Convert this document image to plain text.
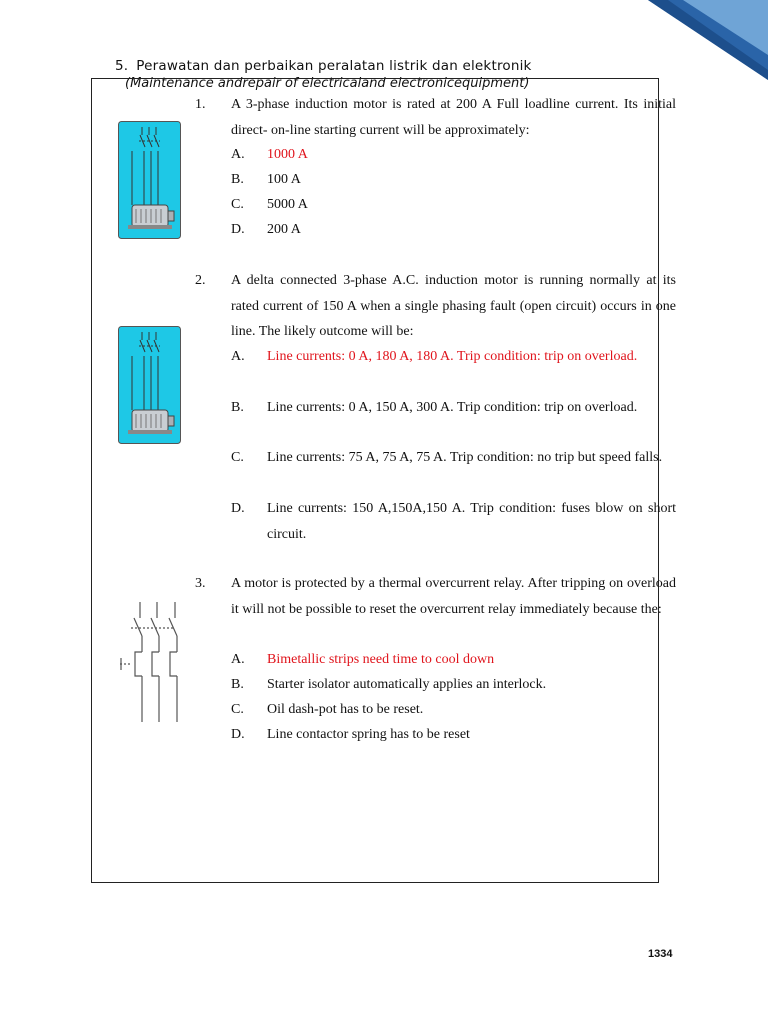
5. Perawatan dan perbaikan peralatan listrik dan elektronik
(Maintenance andrepair of electricaland electronicequipment)
1. A 3-phase induction motor is rated at 200 A Full loadline current. Its initial direct- on-line starting current will be approximately:
A. 1000 A
B. 100 A
C. 5000 A
D. 200 A
2. A delta connected 3-phase A.C. induction motor is running normally at its rated current of 150 A when a single phasing fault (open circuit) occurs in one line. The likely outcome will be:
A. Line currents: 0 A, 180 A, 180 A. Trip condition: trip on overload.
B. Line currents: 0 A, 150 A, 300 A. Trip condition: trip on overload.
C. Line currents: 75 A, 75 A, 75 A. Trip condition: no trip but speed falls.
D. Line currents: 150 A,150A,150 A. Trip condition: fuses blow on short circuit.
3. A motor is protected by a thermal overcurrent relay. After tripping on overload it will not be possible to reset the overcurrent relay immediately because the:
A. Bimetallic strips need time to cool down
B. Starter isolator automatically applies an interlock.
C. Oil dash-pot has to be reset.
D. Line contactor spring has to be reset
1334
